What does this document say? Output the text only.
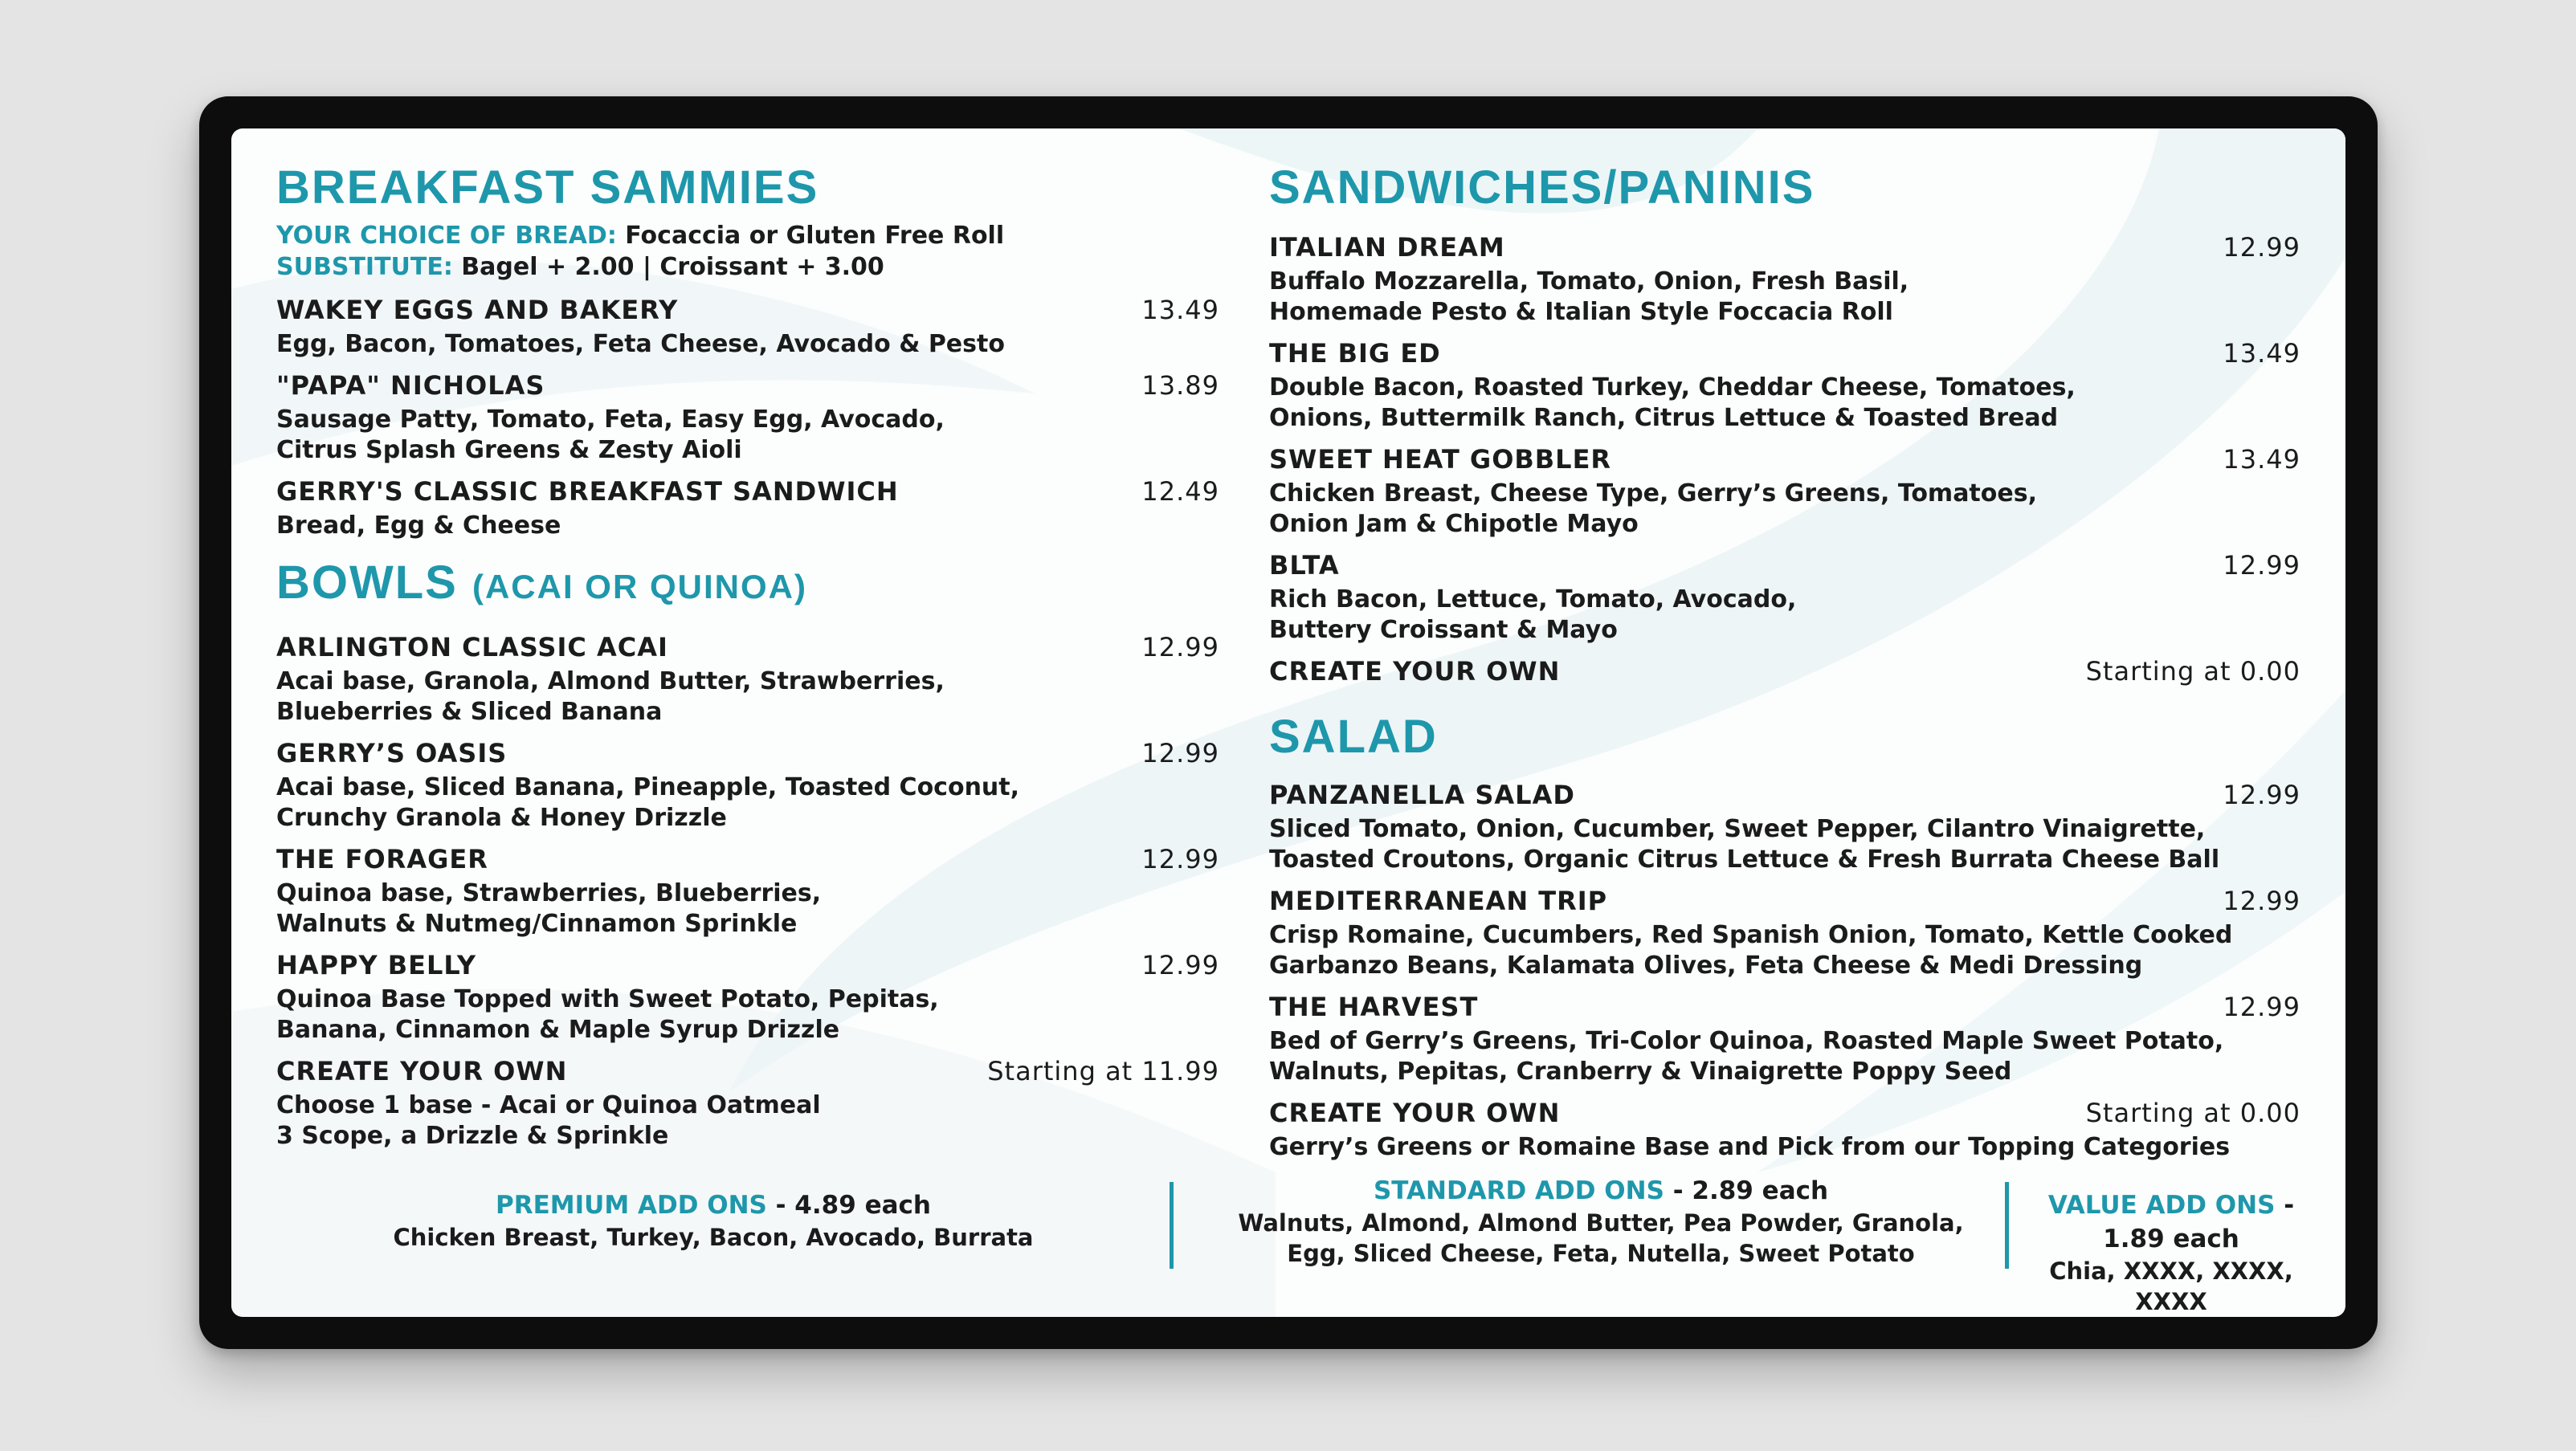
BREAKFAST SAMMIES
YOUR CHOICE OF BREAD: Focaccia or Gluten Free Roll
SUBSTITUTE: Bagel + 2.00 | Croissant + 3.00
WAKEY EGGS AND BAKERY	13.49
Egg, Bacon, Tomatoes, Feta Cheese, Avocado & Pesto
"PAPA" NICHOLAS	13.89
Sausage Patty, Tomato, Feta, Easy Egg, Avocado,
Citrus Splash Greens & Zesty Aioli
GERRY'S CLASSIC BREAKFAST SANDWICH	12.49
Bread, Egg & Cheese
BOWLS (ACAI OR QUINOA)
ARLINGTON CLASSIC ACAI	12.99
Acai base, Granola, Almond Butter, Strawberries,
Blueberries & Sliced Banana
GERRY’S OASIS	12.99
Acai base, Sliced Banana, Pineapple, Toasted Coconut,
Crunchy Granola & Honey Drizzle
THE FORAGER	12.99
Quinoa base, Strawberries, Blueberries,
Walnuts & Nutmeg/Cinnamon Sprinkle
HAPPY BELLY	12.99
Quinoa Base Topped with Sweet Potato, Pepitas,
Banana, Cinnamon & Maple Syrup Drizzle
CREATE YOUR OWN	Starting at 11.99
Choose 1 base - Acai or Quinoa Oatmeal
3 Scope, a Drizzle & Sprinkle
SANDWICHES/PANINIS
ITALIAN DREAM	12.99
Buffalo Mozzarella, Tomato, Onion, Fresh Basil,
Homemade Pesto & Italian Style Foccacia Roll
THE BIG ED	13.49
Double Bacon, Roasted Turkey, Cheddar Cheese, Tomatoes,
Onions, Buttermilk Ranch, Citrus Lettuce & Toasted Bread
SWEET HEAT GOBBLER	13.49
Chicken Breast, Cheese Type, Gerry’s Greens, Tomatoes,
Onion Jam & Chipotle Mayo
BLTA	12.99
Rich Bacon, Lettuce, Tomato, Avocado,
Buttery Croissant & Mayo
CREATE YOUR OWN	Starting at 0.00
SALAD
PANZANELLA SALAD	12.99
Sliced Tomato, Onion, Cucumber, Sweet Pepper, Cilantro Vinaigrette,
Toasted Croutons, Organic Citrus Lettuce & Fresh Burrata Cheese Ball
MEDITERRANEAN TRIP	12.99
Crisp Romaine, Cucumbers, Red Spanish Onion, Tomato, Kettle Cooked
Garbanzo Beans, Kalamata Olives, Feta Cheese & Medi Dressing
THE HARVEST	12.99
Bed of Gerry’s Greens, Tri-Color Quinoa, Roasted Maple Sweet Potato,
Walnuts, Pepitas, Cranberry & Vinaigrette Poppy Seed
CREATE YOUR OWN	Starting at 0.00
Gerry’s Greens or Romaine Base and Pick from our Topping Categories
PREMIUM ADD ONS - 4.89 each
Chicken Breast, Turkey, Bacon, Avocado, Burrata
STANDARD ADD ONS - 2.89 each
Walnuts, Almond, Almond Butter, Pea Powder, Granola,
Egg, Sliced Cheese, Feta, Nutella, Sweet Potato
VALUE ADD ONS - 1.89 each
Chia, XXXX, XXXX, XXXX
